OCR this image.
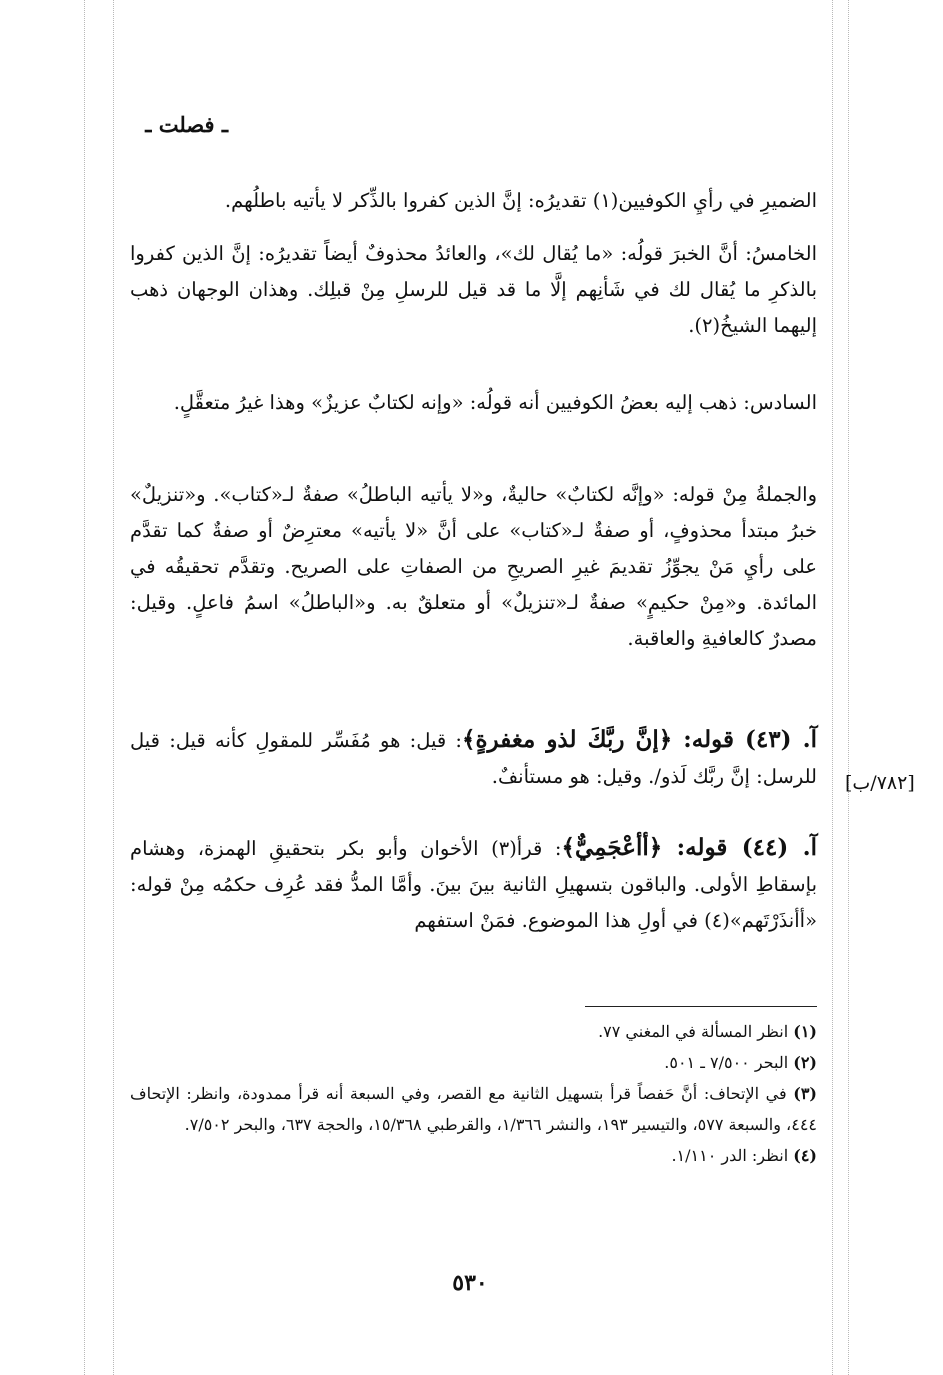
ـ فصلت ـ

الضميرِ في رأيِ الكوفيين(١) تقديرُه: إنَّ الذين كفروا بالذِّكر لا يأتيه باطلُهم.

الخامسُ: أنَّ الخبرَ قولُه: «ما يُقال لك»، والعائدُ محذوفٌ أيضاً تقديرُه: إنَّ الذين كفروا بالذكرِ ما يُقال لك في شَأنِهم إلَّا ما قد قيل للرسلِ مِنْ قبلِك. وهذان الوجهان ذهب إليهما الشيخُ(٢).

السادس: ذهب إليه بعضُ الكوفيين أنه قولُه: «وإنه لكتابٌ عزيزٌ» وهذا غيرُ متعقَّلٍ.

والجملةُ مِنْ قوله: «وإنَّه لكتابٌ» حاليةٌ، و«لا يأتيه الباطلُ» صفةٌ لـ«كتاب». و«تنزيلٌ» خبرُ مبتدأ محذوفٍ، أو صفةٌ لـ«كتاب» على أنَّ «لا يأتيه» معترِضٌ أو صفةٌ كما تقدَّم على رأيِ مَنْ يجوِّزُ تقديمَ غيرِ الصريحِ من الصفاتِ على الصريح. وتقدَّم تحقيقُه في المائدة. و«مِنْ حكيمٍ» صفةٌ لـ«تنزيلٌ» أو متعلقٌ به. و«الباطلُ» اسمُ فاعلٍ. وقيل: مصدرٌ كالعافيةِ والعاقبة.

آ. (٤٣) قوله: ﴿إنَّ ربَّكَ لذو مغفرةٍ﴾: قيل: هو مُفَسِّر للمقولِ كأنه قيل: قيل للرسل: إنَّ ربَّك لَذو/. وقيل: هو مستأنفٌ. [٧٨٢/ب]

آ. (٤٤) قوله: ﴿أأعْجَمِيٌّ﴾: قرأ(٣) الأخوان وأبو بكر بتحقيقِ الهمزة، وهشام بإسقاطِ الأولى. والباقون بتسهيلِ الثانية بينَ بينَ. وأمَّا المدُّ فقد عُرِف حكمُه مِنْ قوله: «أأنذَرْتَهم»(٤) في أولِ هذا الموضوع. فمَنْ استفهم

(١) انظر المسألة في المغني ٧٧.

(٢) البحر ٧/٥٠٠ ـ ٥٠١.

(٣) في الإتحاف: أنَّ حَفصاً قرأ بتسهيل الثانية مع القصر، وفي السبعة أنه قرأ ممدودة، وانظر: الإتحاف ٤٤٤، والسبعة ٥٧٧، والتيسير ١٩٣، والنشر ١/٣٦٦، والقرطبي ١٥/٣٦٨، والحجة ٦٣٧، والبحر ٧/٥٠٢.

(٤) انظر: الدر ١/١١٠.

٥٣٠
